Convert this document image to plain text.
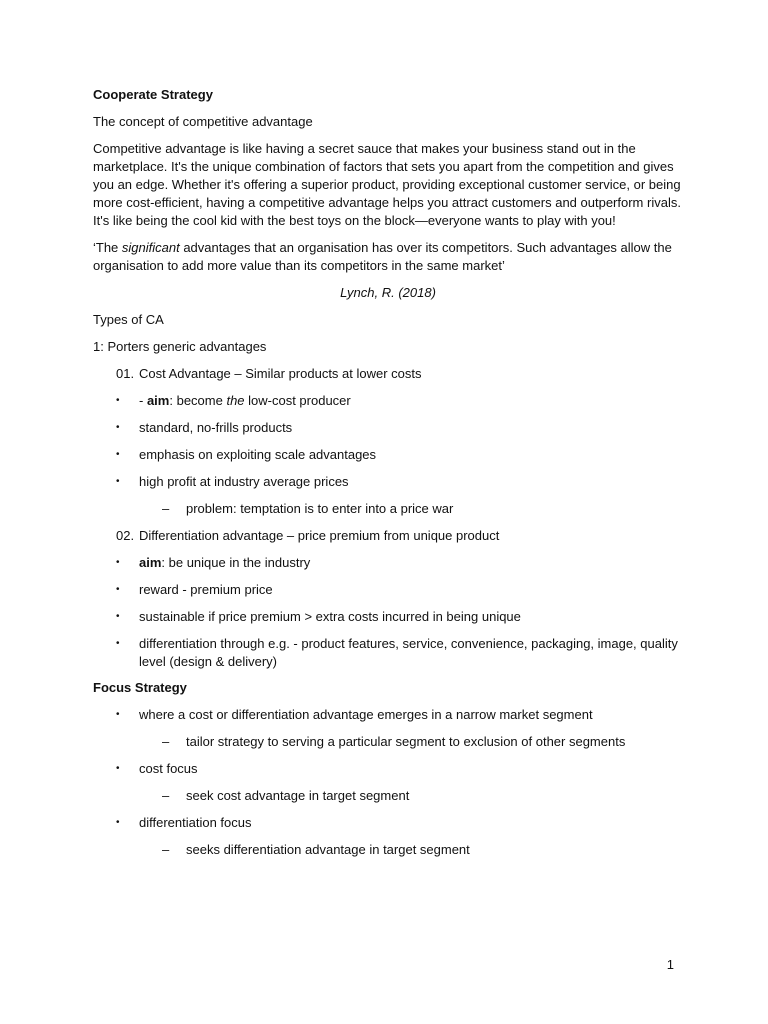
Cooperate Strategy

The concept of competitive advantage

Competitive advantage is like having a secret sauce that makes your business stand out in the marketplace. It's the unique combination of factors that sets you apart from the competition and gives you an edge. Whether it's offering a superior product, providing exceptional customer service, or being more cost-efficient, having a competitive advantage helps you attract customers and outperform rivals. It's like being the cool kid with the best toys on the block—everyone wants to play with you!

‘The significant advantages that an organisation has over its competitors. Such advantages allow the organisation to add more value than its competitors in the same market’

Lynch, R. (2018)

Types of CA

1: Porters generic advantages

01. Cost Advantage – Similar products at lower costs
•	- aim: become the low-cost producer
•	standard, no-frills products
•	emphasis on exploiting scale advantages
•	high profit at industry average prices
–	problem: temptation is to enter into a price war
02. Differentiation advantage – price premium from unique product
•	aim: be unique in the industry
•	reward - premium price
•	sustainable if price premium > extra costs incurred in being unique
•	differentiation through e.g. - product features, service, convenience, packaging, image, quality level (design & delivery)

Focus Strategy

•	where a cost or differentiation advantage emerges in a narrow market segment
–	tailor strategy to serving a particular segment to exclusion of other segments
•	cost focus
–	seek cost advantage in target segment
•	differentiation focus
–	seeks differentiation advantage in target segment
1
